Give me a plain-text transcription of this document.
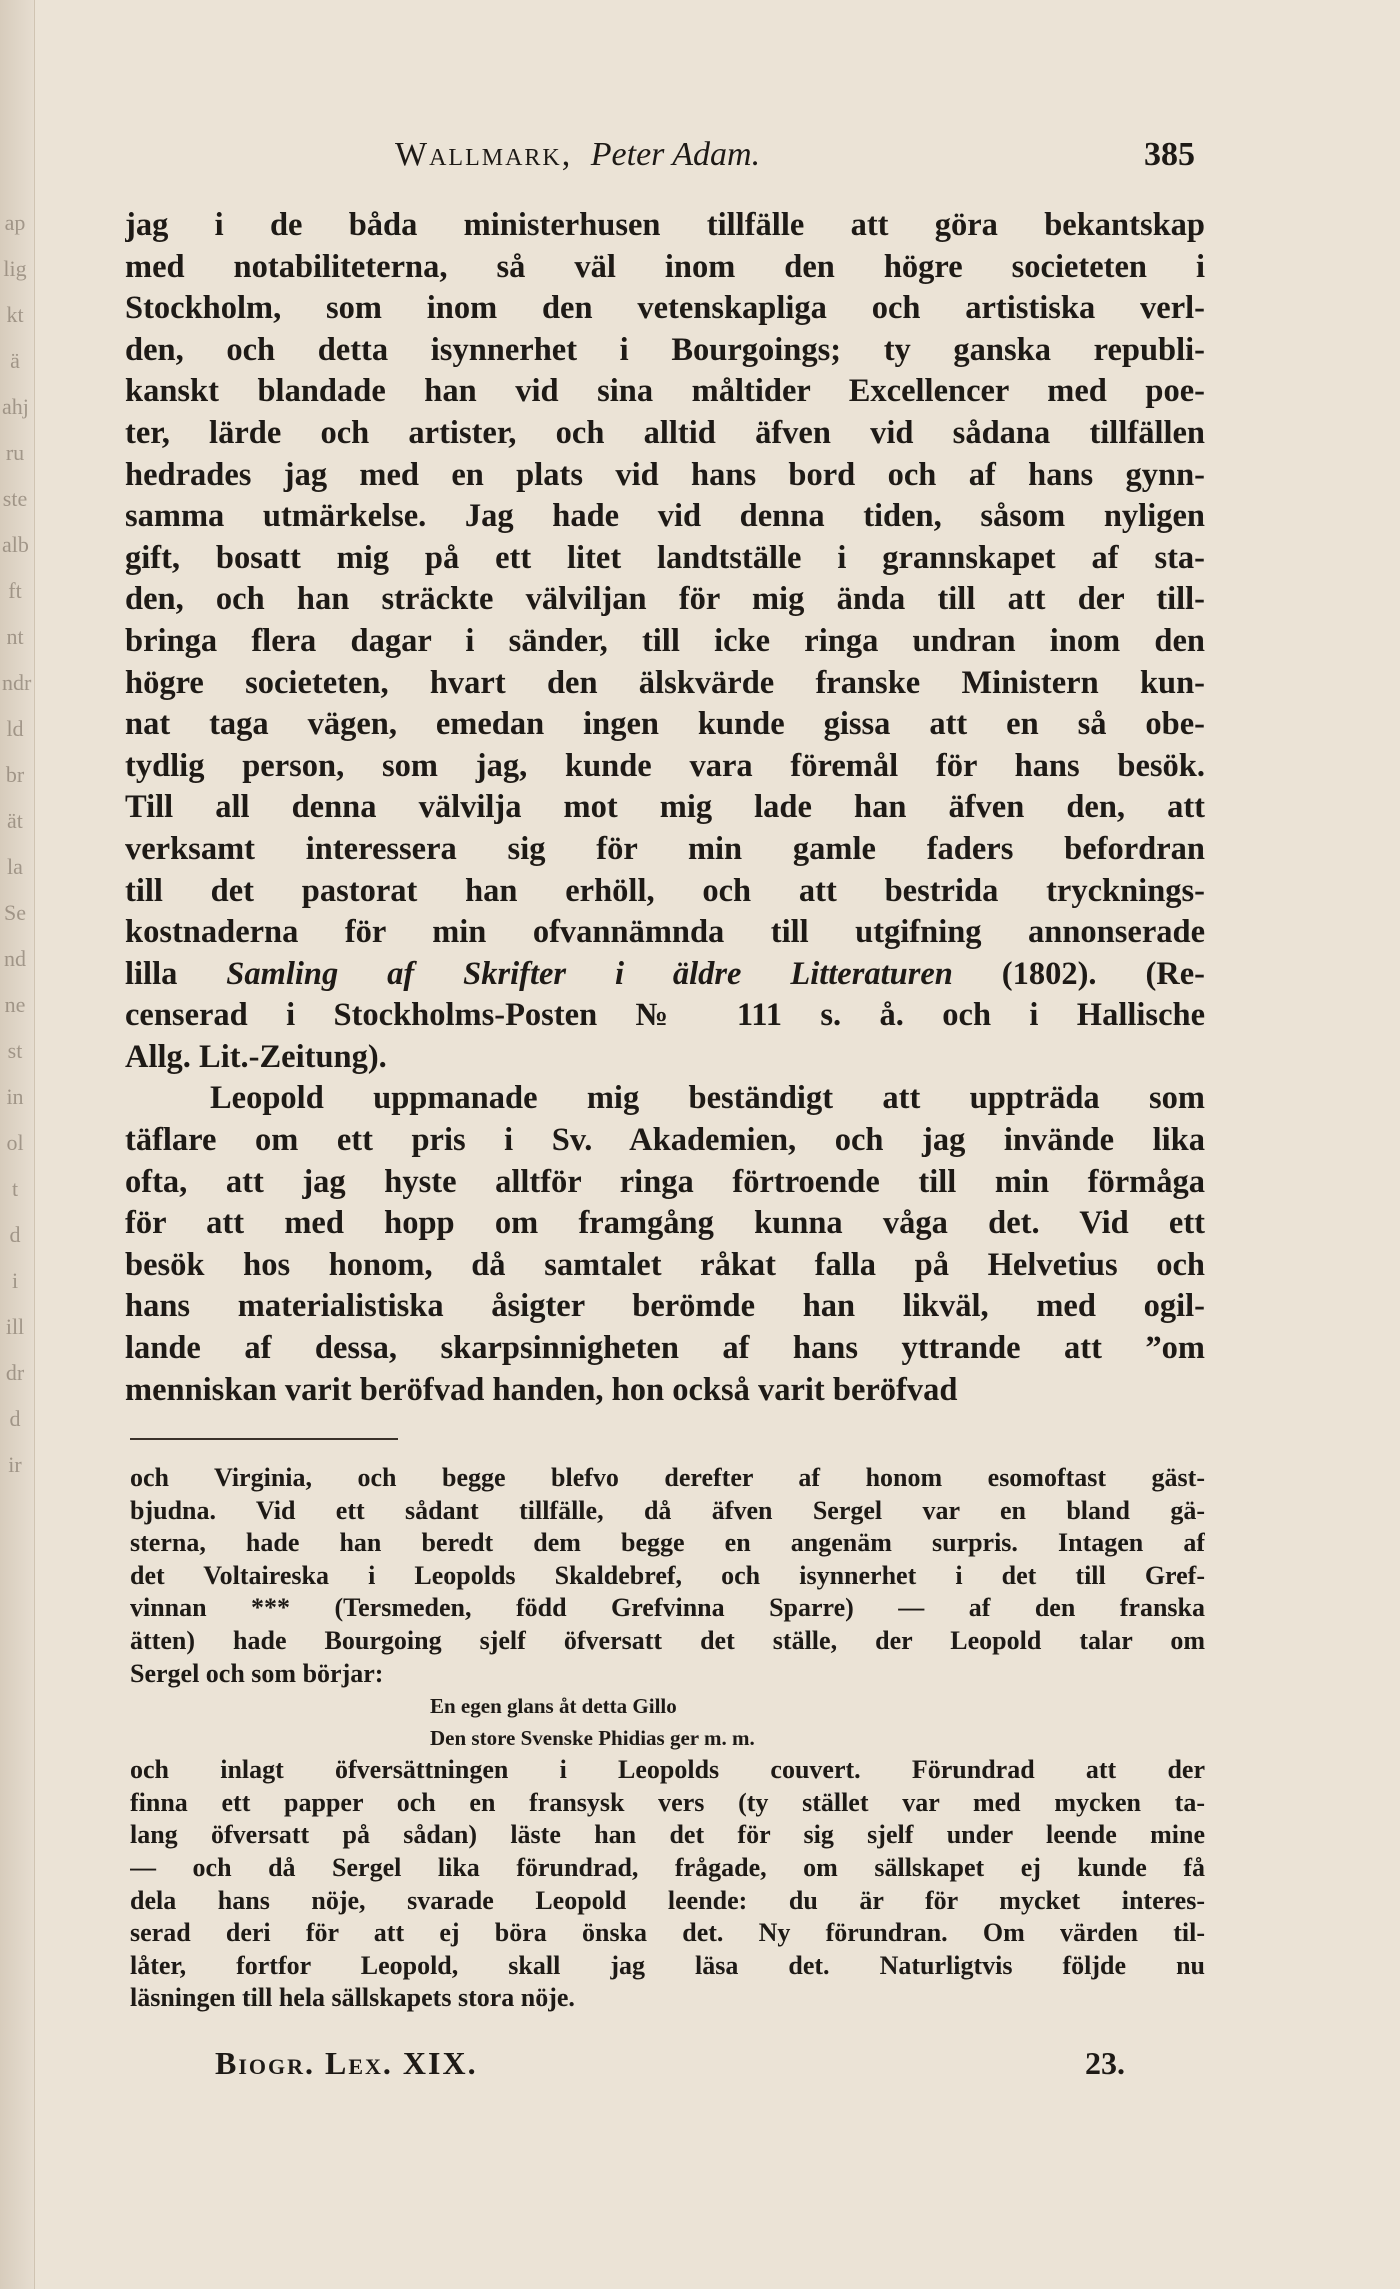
ap
lig
kt
ä
ahj
ru
ste
alb
ft
nt
ndr
ld
br
ät
la
Se
nd
ne
st
in
ol
t
d
i
ill
dr
d
ir
Wallmark, Peter Adam.	385
jag i de båda ministerhusen tillfälle att göra bekantskap
med notabiliteterna, så väl inom den högre societeten i
Stockholm, som inom den vetenskapliga och artistiska verl-
den, och detta isynnerhet i Bourgoings; ty ganska republi-
kanskt blandade han vid sina måltider Excellencer med poe-
ter, lärde och artister, och alltid äfven vid sådana tillfällen
hedrades jag med en plats vid hans bord och af hans gynn-
samma utmärkelse. Jag hade vid denna tiden, såsom nyligen
gift, bosatt mig på ett litet landtställe i grannskapet af sta-
den, och han sträckte välviljan för mig ända till att der till-
bringa flera dagar i sänder, till icke ringa undran inom den
högre societeten, hvart den älskvärde franske Ministern kun-
nat taga vägen, emedan ingen kunde gissa att en så obe-
tydlig person, som jag, kunde vara föremål för hans besök.
Till all denna välvilja mot mig lade han äfven den, att
verksamt interessera sig för min gamle faders befordran
till det pastorat han erhöll, och att bestrida trycknings-
kostnaderna för min ofvannämnda till utgifning annonserade
lilla Samling af Skrifter i äldre Litteraturen (1802). (Re-
censerad i Stockholms-Posten № 111 s. å. och i Hallische
Allg. Lit.-Zeitung).
Leopold uppmanade mig beständigt att uppträda som
täflare om ett pris i Sv. Akademien, och jag invände lika
ofta, att jag hyste alltför ringa förtroende till min förmåga
för att med hopp om framgång kunna våga det. Vid ett
besök hos honom, då samtalet råkat falla på Helvetius och
hans materialistiska åsigter berömde han likväl, med ogil-
lande af dessa, skarpsinnigheten af hans yttrande att ”om
menniskan varit beröfvad handen, hon också varit beröfvad
och Virginia, och begge blefvo derefter af honom esomoftast gäst-
bjudna. Vid ett sådant tillfälle, då äfven Sergel var en bland gä-
sterna, hade han beredt dem begge en angenäm surpris. Intagen af
det Voltaireska i Leopolds Skaldebref, och isynnerhet i det till Gref-
vinnan *** (Tersmeden, född Grefvinna Sparre) — af den franska
ätten) hade Bourgoing sjelf öfversatt det ställe, der Leopold talar om
Sergel och som börjar:
En egen glans åt detta Gillo
Den store Svenske Phidias ger m. m.
och inlagt öfversättningen i Leopolds couvert. Förundrad att der
finna ett papper och en fransysk vers (ty stället var med mycken ta-
lang öfversatt på sådan) läste han det för sig sjelf under leende mine
— och då Sergel lika förundrad, frågade, om sällskapet ej kunde få
dela hans nöje, svarade Leopold leende: du är för mycket interes-
serad deri för att ej böra önska det. Ny förundran. Om värden til-
låter, fortfor Leopold, skall jag läsa det. Naturligtvis följde nu
läsningen till hela sällskapets stora nöje.
Biogr. Lex. XIX.	23.
